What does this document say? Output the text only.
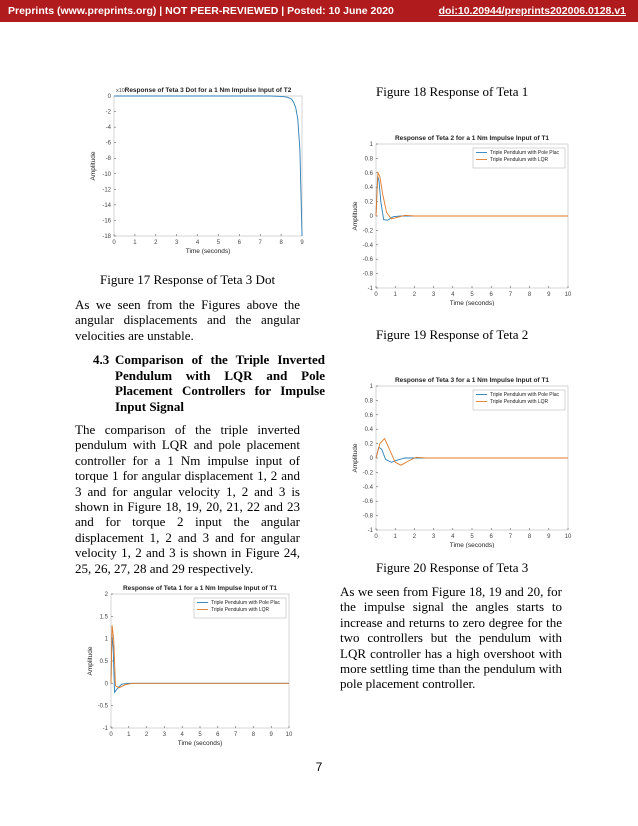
Preprints (www.preprints.org) | NOT PEER-REVIEWED | Posted: 10 June 2020	doi:10.20944/preprints202006.0128.v1
Response of Teta 3 Dot for a 1 Nm Impulse Input of T2
0	1	2	3	4	5	6	7	8	9
0
-2
-4
-6
-8
-10
-12
-14
-16
-18
Time (seconds)
Amplitude
x10^
Figure 17 Response of Teta 3 Dot
As we seen from the Figures above the angular displacements and the angular velocities are unstable.
4.3 Comparison of the Triple Inverted Pendulum with LQR and Pole Placement Controllers for Impulse Input Signal
The comparison of the triple inverted pendulum with LQR and pole placement controller for a 1 Nm impulse input of torque 1 for angular displacement 1, 2 and 3 and for angular velocity 1, 2 and 3 is shown in Figure 18, 19, 20, 21, 22 and 23 and for torque 2 input the angular displacement 1, 2 and 3 and for angular velocity 1, 2 and 3 is shown in Figure 24, 25, 26, 27, 28 and 29 respectively.
Response of Teta 1 for a 1 Nm Impulse Input of T1
0 1 2 3 4 5 6 7 8 9 10
2
1.5
1
0.5
0
-0.5
-1
Time (seconds)
Amplitude
Triple Pendulum with Pole Plac
Triple Pendulum with LQR
Figure 18 Response of Teta 1
Response of Teta 2 for a 1 Nm Impulse Input of T1
0	1	2	3	4	5	6	7	8	9 10
1
0.8
0.6
0.4
0.2
0
-0.2
-0.4
-0.6
-0.8
-1
Time (seconds)
Amplitude
Triple Pendulum with Pole Plac
Triple Pendulum with LQR
Figure 19 Response of Teta 2
Response of Teta 3 for a 1 Nm Impulse Input of T1
0	1	2	3	4	5	6	7	8	9 10
1
0.8
0.6
0.4
0.2
0
-0.2
-0.4
-0.6
-0.8
-1
Time (seconds)
Amplitude
Triple Pendulum with Pole Plac
Triple Pendulum with LQR
Figure 20 Response of Teta 3
As we seen from Figure 18, 19 and 20, for the impulse signal the angles starts to increase and returns to zero degree for the two controllers but the pendulum with LQR controller has a high overshoot with more settling time than the pendulum with pole placement controller.
7
